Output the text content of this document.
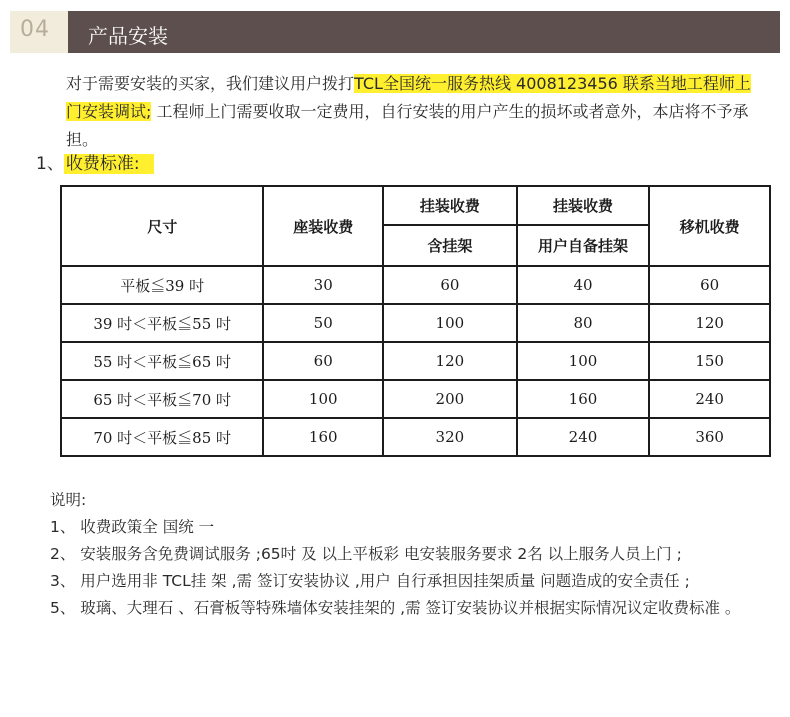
04 产品安装
对于需要安装的买家，我们建议用户拨打TCL全国统一服务热线 4008123456 联系当地工程师上门安装调试; 工程师上门需要收取一定费用，自行安装的用户产生的损坏或者意外，本店将不予承担。
1、 收费标准:
尺寸	座装收费	挂装收费	挂装收费	移机收费
		含挂架	用户自备挂架	
平板≦39 吋	30	60	40	60
39 吋＜平板≦55 吋	50	100	80	120
55 吋＜平板≦65 吋	60	120	100	150
65 吋＜平板≦70 吋	100	200	160	240
70 吋＜平板≦85 吋	160	320	240	360
说明:
1、 收费政策全 国统 一
2、 安装服务含免费调试服务 ;65吋 及 以上平板彩 电安装服务要求 2名 以上服务人员上门 ;
3、 用户选用非 TCL挂 架 ,需 签订安装协议 ,用户 自行承担因挂架质量 问题造成的安全责任 ;
5、 玻璃、大理石 、石膏板等特殊墙体安装挂架的 ,需 签订安装协议并根据实际情况议定收费标准 。
